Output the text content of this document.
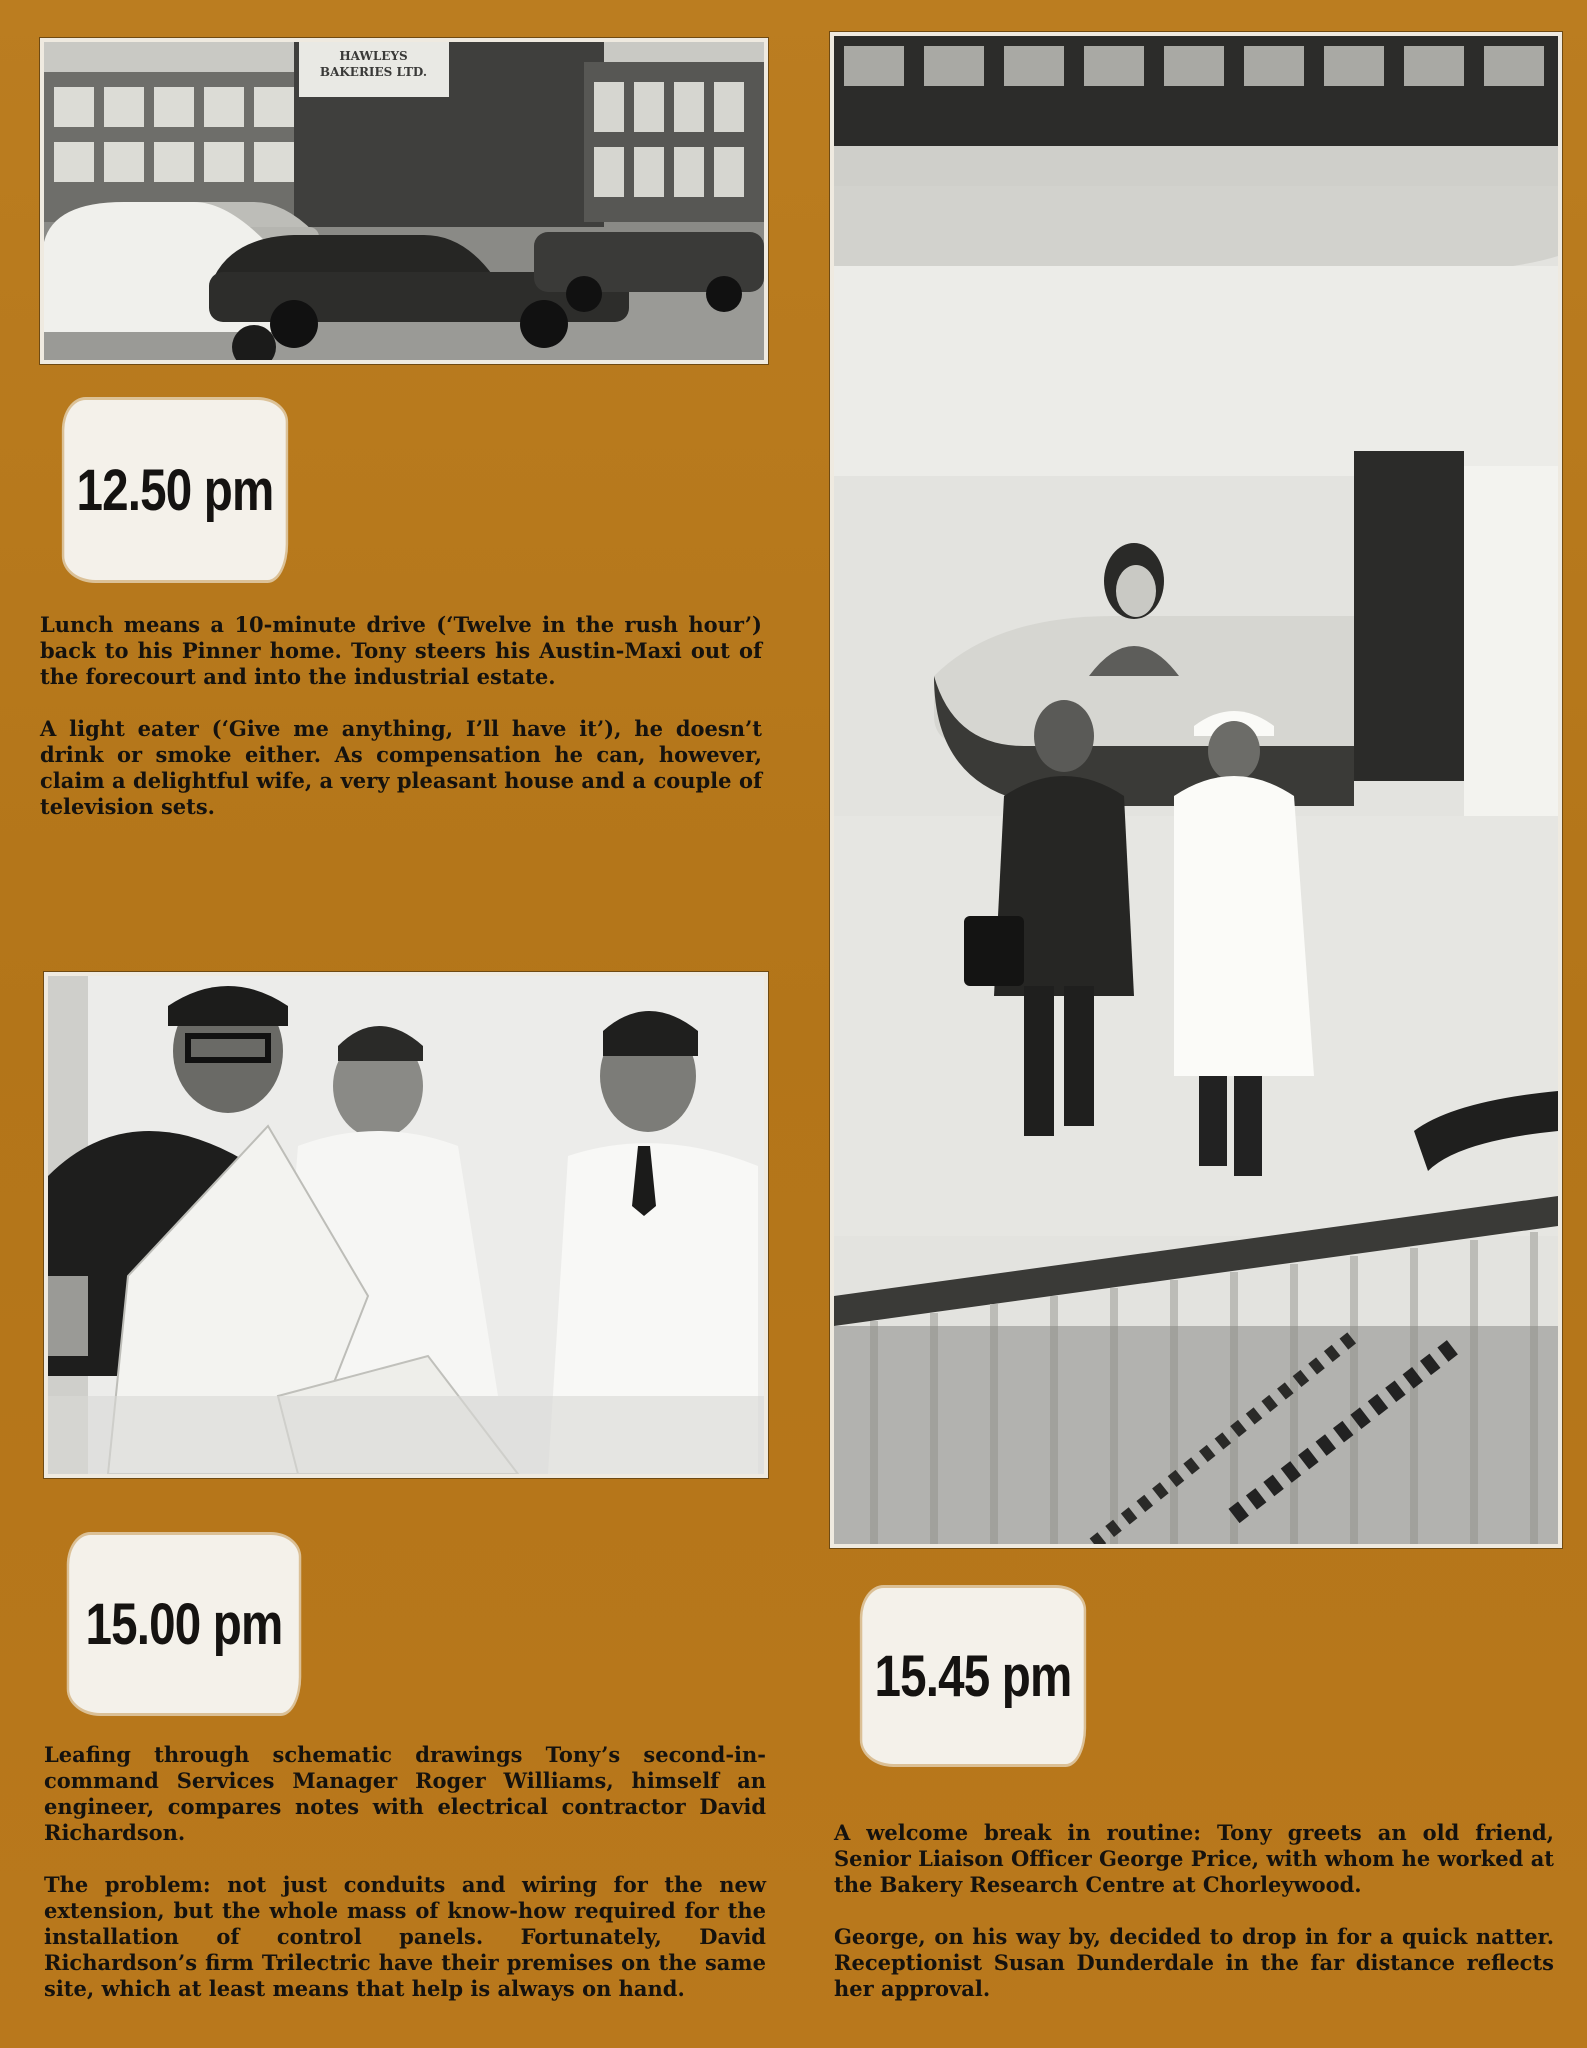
HAWLEYS
BAKERIES LTD.
12.50 pm
15.00 pm
15.45 pm

Lunch means a 10-minute drive (‘Twelve in the rush hour’) back to his Pinner home. Tony steers his Austin-Maxi out of the forecourt and into the industrial estate.

A light eater (‘Give me anything, I’ll have it’), he doesn’t drink or smoke either. As compensation he can, however, claim a delightful wife, a very pleasant house and a couple of television sets.

Leafing through schematic drawings Tony’s second-in-command Services Manager Roger Williams, himself an engineer, compares notes with electrical contractor David Richardson.

The problem: not just conduits and wiring for the new extension, but the whole mass of know-how required for the installation of control panels. Fortunately, David Richardson’s firm Trilectric have their premises on the same site, which at least means that help is always on hand.

A welcome break in routine: Tony greets an old friend, Senior Liaison Officer George Price, with whom he worked at the Bakery Research Centre at Chorleywood.

George, on his way by, decided to drop in for a quick natter. Receptionist Susan Dunderdale in the far distance reflects her approval.
